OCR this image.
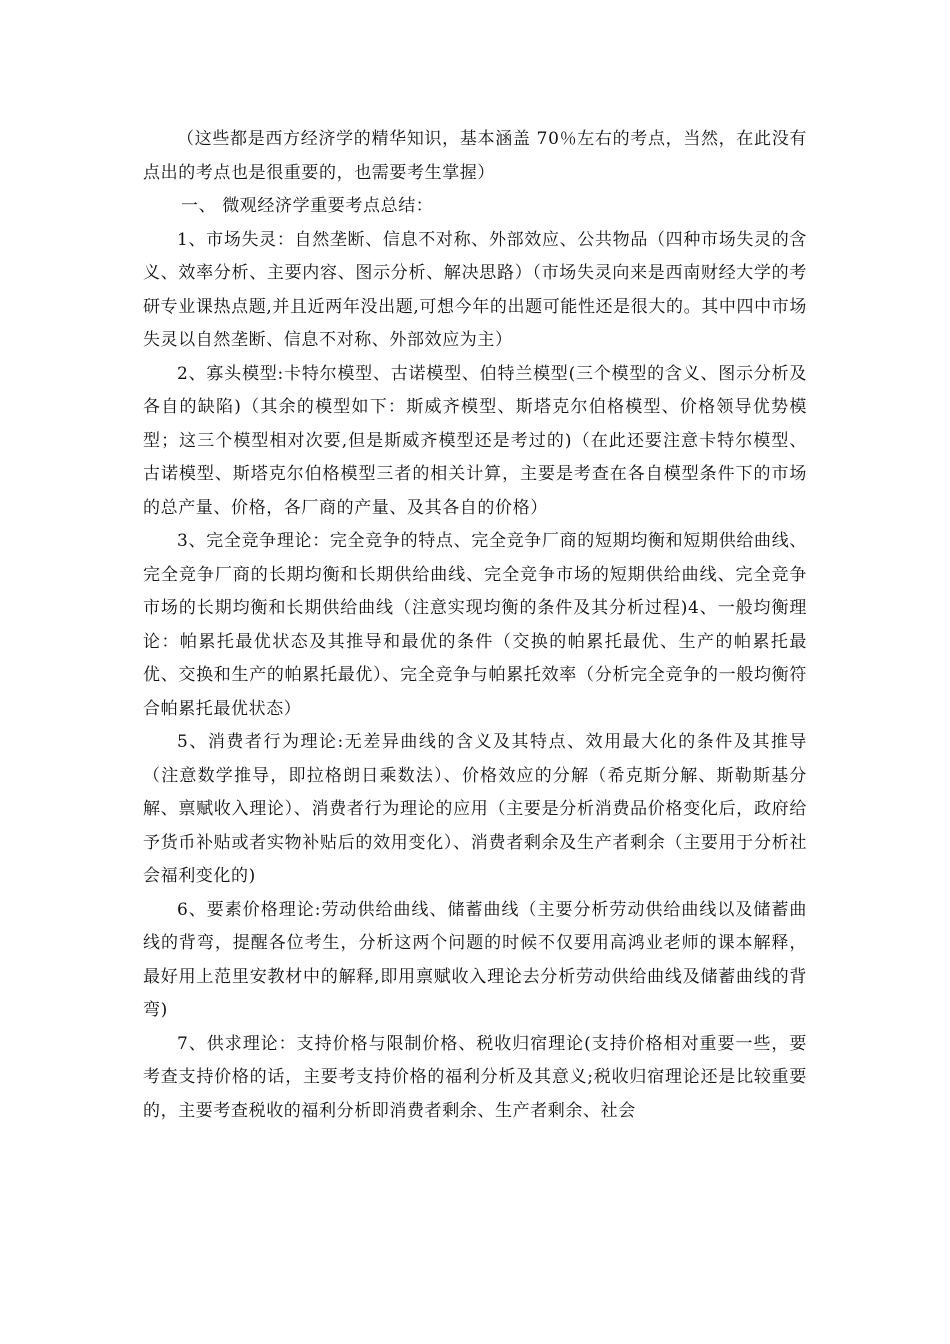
（这些都是西方经济学的精华知识，基本涵盖 70％左右的考点，当然，在此没有点出的考点也是很重要的，也需要考生掌握）

一、 微观经济学重要考点总结：

1、市场失灵：自然垄断、信息不对称、外部效应、公共物品（四种市场失灵的含义、效率分析、主要内容、图示分析、解决思路）（市场失灵向来是西南财经大学的考研专业课热点题,并且近两年没出题,可想今年的出题可能性还是很大的。其中四中市场失灵以自然垄断、信息不对称、外部效应为主）

2、寡头模型:卡特尔模型、古诺模型、伯特兰模型(三个模型的含义、图示分析及各自的缺陷)（其余的模型如下：斯威齐模型、斯塔克尔伯格模型、价格领导优势模型；这三个模型相对次要,但是斯威齐模型还是考过的)（在此还要注意卡特尔模型、古诺模型、斯塔克尔伯格模型三者的相关计算，主要是考查在各自模型条件下的市场的总产量、价格，各厂商的产量、及其各自的价格）

3、完全竞争理论：完全竞争的特点、完全竞争厂商的短期均衡和短期供给曲线、完全竞争厂商的长期均衡和长期供给曲线、完全竞争市场的短期供给曲线、完全竞争市场的长期均衡和长期供给曲线（注意实现均衡的条件及其分析过程)4、一般均衡理论：帕累托最优状态及其推导和最优的条件（交换的帕累托最优、生产的帕累托最优、交换和生产的帕累托最优）、完全竞争与帕累托效率（分析完全竞争的一般均衡符合帕累托最优状态）

5、消费者行为理论:无差异曲线的含义及其特点、效用最大化的条件及其推导（注意数学推导，即拉格朗日乘数法）、价格效应的分解（希克斯分解、斯勒斯基分解、禀赋收入理论）、消费者行为理论的应用（主要是分析消费品价格变化后，政府给予货币补贴或者实物补贴后的效用变化）、消费者剩余及生产者剩余（主要用于分析社会福利变化的)

6、要素价格理论:劳动供给曲线、储蓄曲线（主要分析劳动供给曲线以及储蓄曲线的背弯，提醒各位考生，分析这两个问题的时候不仅要用高鸿业老师的课本解释，最好用上范里安教材中的解释,即用禀赋收入理论去分析劳动供给曲线及储蓄曲线的背弯)

7、供求理论：支持价格与限制价格、税收归宿理论(支持价格相对重要一些，要考查支持价格的话，主要考支持价格的福利分析及其意义;税收归宿理论还是比较重要的，主要考查税收的福利分析即消费者剩余、生产者剩余、社会
